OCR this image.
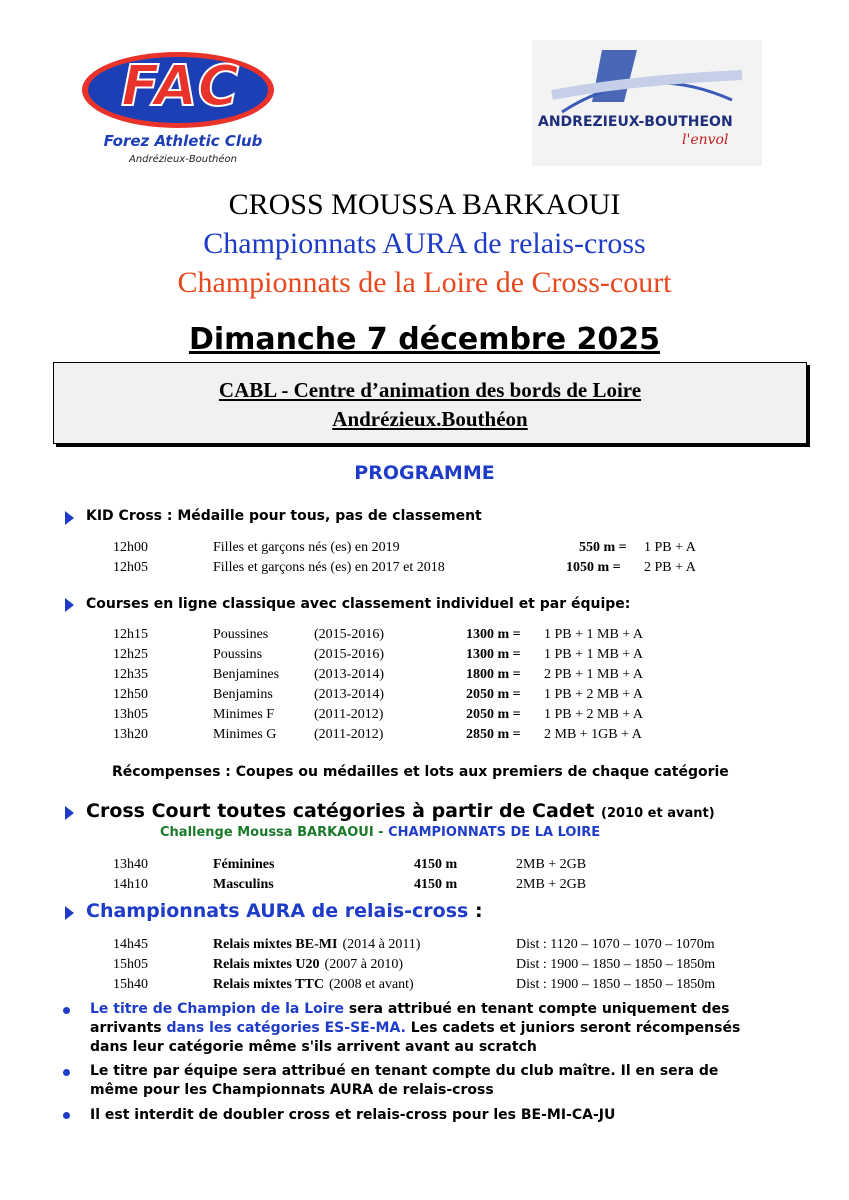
FAC
Forez Athletic Club
Andrézieux-Bouthéon
ANDREZIEUX-BOUTHEON
l'envol
CROSS MOUSSA BARKAOUI
Championnats AURA de relais-cross
Championnats de la Loire de Cross-court
Dimanche 7 décembre 2025
CABL - Centre d’animation des bords de Loire
Andrézieux.Bouthéon
PROGRAMME
KID Cross : Médaille pour tous, pas de classement
12h00	Filles et garçons nés (es) en 2019	550 m = 1 PB + A
12h05	Filles et garçons nés (es) en 2017 et 2018	1050 m = 2 PB + A
Courses en ligne classique avec classement individuel et par équipe:
12h15	Poussines	(2015-2016)	1300 m = 1 PB + 1 MB + A
12h25	Poussins	(2015-2016)	1300 m = 1 PB + 1 MB + A
12h35	Benjamines (2013-2014)	1800 m = 2 PB + 1 MB + A
12h50	Benjamins	(2013-2014)	2050 m = 1 PB + 2 MB + A
13h05	Minimes F	(2011-2012)	2050 m = 1 PB + 2 MB + A
13h20	Minimes G	(2011-2012)	2850 m = 2 MB + 1GB + A
Récompenses : Coupes ou médailles et lots aux premiers de chaque catégorie
Cross Court toutes catégories à partir de Cadet (2010 et avant)
Challenge Moussa BARKAOUI - CHAMPIONNATS DE LA LOIRE
13h40	Féminines	4150 m	2MB + 2GB
14h10	Masculins	4150 m	2MB + 2GB
Championnats AURA de relais-cross :
14h45	Relais mixtes BE-MI (2014 à 2011)	Dist : 1120 – 1070 – 1070 – 1070m
15h05	Relais mixtes U20 (2007 à 2010)	Dist : 1900 – 1850 – 1850 – 1850m
15h40	Relais mixtes TTC (2008 et avant)	Dist : 1900 – 1850 – 1850 – 1850m
Le titre de Champion de la Loire sera attribué en tenant compte uniquement des arrivants dans les catégories ES-SE-MA. Les cadets et juniors seront récompensés dans leur catégorie même s'ils arrivent avant au scratch
Le titre par équipe sera attribué en tenant compte du club maître. Il en sera de même pour les Championnats AURA de relais-cross
Il est interdit de doubler cross et relais-cross pour les BE-MI-CA-JU
